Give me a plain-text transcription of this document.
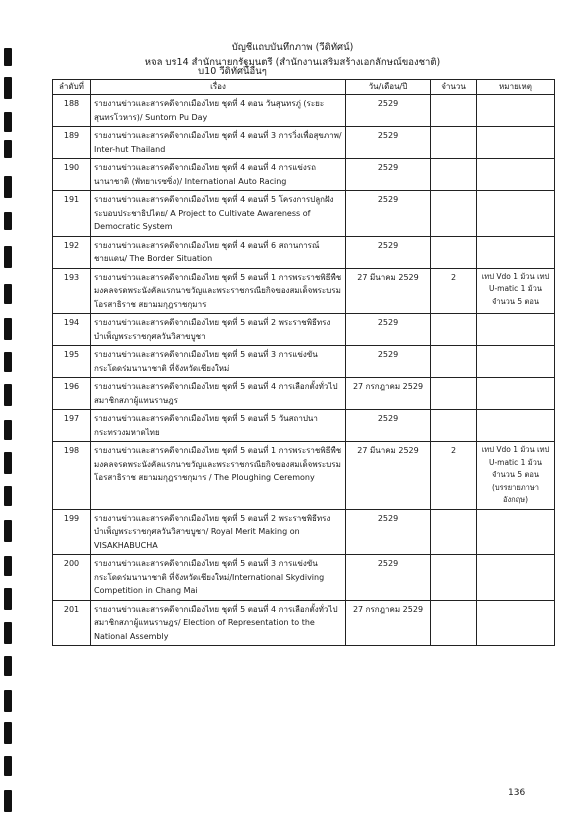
บัญชีแถบบันทึกภาพ (วีดิทัศน์)
หจล บร14 สำนักนายกรัฐมนตรี (สำนักงานเสริมสร้างเอกลักษณ์ของชาติ)
บ10 วีดิทัศน์อื่นๆ
ลำดับที่	เรื่อง	วัน/เดือน/ปี	จำนวน	หมายเหตุ
188	รายงานข่าวและสารคดีจากเมืองไทย ชุดที่ 4 ตอน วันสุนทรภู่ (ระยะสุนทรโวหาร)/ Suntorn Pu Day	2529		
189	รายงานข่าวและสารคดีจากเมืองไทย ชุดที่ 4 ตอนที่ 3 การวิ่งเพื่อสุขภาพ/ Inter-hut Thailand	2529		
190	รายงานข่าวและสารคดีจากเมืองไทย ชุดที่ 4 ตอนที่ 4 การแข่งรถนานาชาติ (พัทยาเรซซิ่ง)/ International Auto Racing	2529		
191	รายงานข่าวและสารคดีจากเมืองไทย ชุดที่ 4 ตอนที่ 5 โครงการปลูกฝังระบอบประชาธิปไตย/ A Project to Cultivate Awareness of Democratic System	2529		
192	รายงานข่าวและสารคดีจากเมืองไทย ชุดที่ 4 ตอนที่ 6 สถานการณ์ชายแดน/ The Border Situation	2529		
193	รายงานข่าวและสารคดีจากเมืองไทย ชุดที่ 5 ตอนที่ 1 การพระราชพิธีพืชมงคลจรดพระนังคัลแรกนาขวัญและพระราชกรณียกิจของสมเด็จพระบรมโอรสาธิราช สยามมกุฎราชกุมาร	27 มีนาคม 2529	2	เทป Vdo 1 ม้วน เทป U-matic 1 ม้วน จำนวน 5 ตอน
194	รายงานข่าวและสารคดีจากเมืองไทย ชุดที่ 5 ตอนที่ 2 พระราชพิธีทรงบำเพ็ญพระราชกุศลวันวิสาขบูชา	2529		
195	รายงานข่าวและสารคดีจากเมืองไทย ชุดที่ 5 ตอนที่ 3 การแข่งขันกระโดดร่มนานาชาติ ที่จังหวัดเชียงใหม่	2529		
196	รายงานข่าวและสารคดีจากเมืองไทย ชุดที่ 5 ตอนที่ 4 การเลือกตั้งทั่วไปสมาชิกสภาผู้แทนราษฎร	27 กรกฎาคม 2529		
197	รายงานข่าวและสารคดีจากเมืองไทย ชุดที่ 5 ตอนที่ 5 วันสถาปนากระทรวงมหาดไทย	2529		
198	รายงานข่าวและสารคดีจากเมืองไทย ชุดที่ 5 ตอนที่ 1 การพระราชพิธีพืชมงคลจรดพระนังคัลแรกนาขวัญและพระราชกรณียกิจของสมเด็จพระบรมโอรสาธิราช สยามมกุฎราชกุมาร / The Ploughing Ceremony	27 มีนาคม 2529	2	เทป Vdo 1 ม้วน เทป U-matic 1 ม้วน จำนวน 5 ตอน (บรรยายภาษาอังกฤษ)
199	รายงานข่าวและสารคดีจากเมืองไทย ชุดที่ 5 ตอนที่ 2 พระราชพิธีทรงบำเพ็ญพระราชกุศลวันวิสาขบูชา/ Royal Merit Making on VISAKHABUCHA	2529		
200	รายงานข่าวและสารคดีจากเมืองไทย ชุดที่ 5 ตอนที่ 3 การแข่งขันกระโดดร่มนานาชาติ ที่จังหวัดเชียงใหม่/International Skydiving Competition in Chang Mai	2529		
201	รายงานข่าวและสารคดีจากเมืองไทย ชุดที่ 5 ตอนที่ 4 การเลือกตั้งทั่วไปสมาชิกสภาผู้แทนราษฎร/ Election of Representation to the National Assembly	27 กรกฎาคม 2529		
136
